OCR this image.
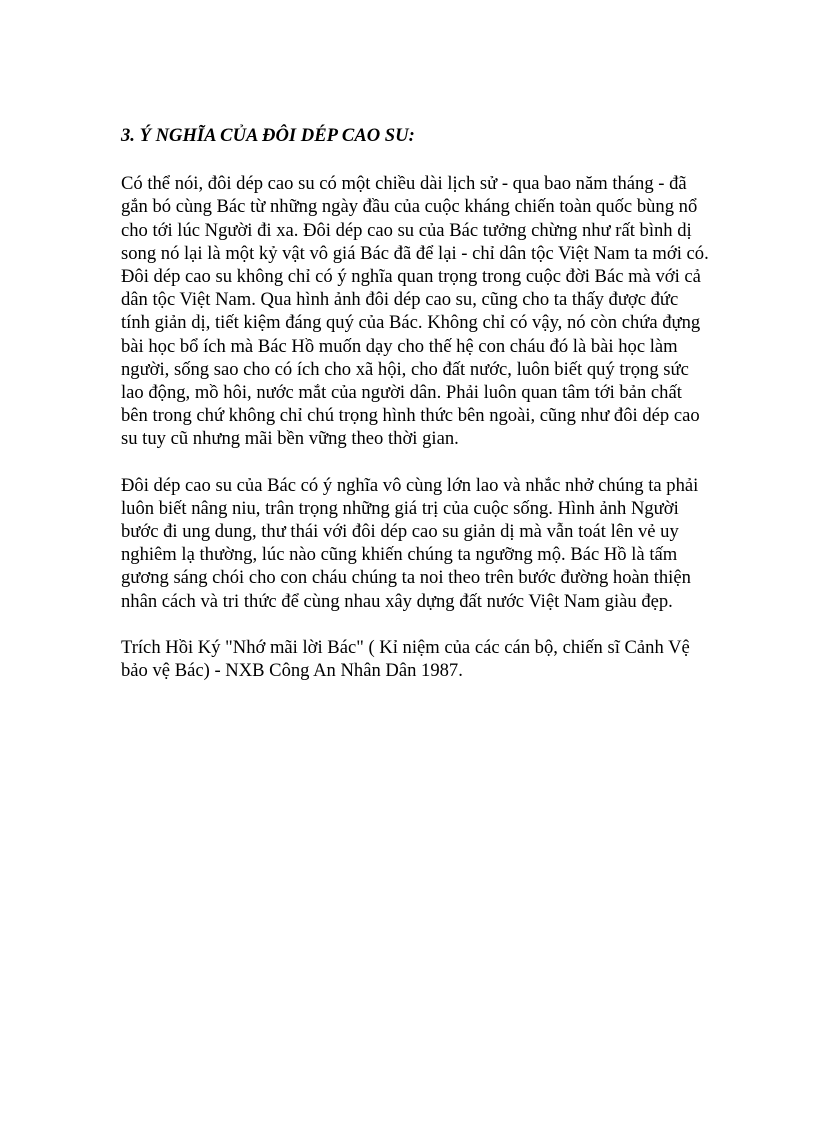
3. Ý NGHĨA CỦA ĐÔI DÉP CAO SU:

Có thể nói, đôi dép cao su có một chiều dài lịch sử - qua bao năm tháng - đã gắn bó cùng Bác từ những ngày đầu của cuộc kháng chiến toàn quốc bùng nổ cho tới lúc Người đi xa. Đôi dép cao su của Bác tưởng chừng như rất bình dị song nó lại là một kỷ vật vô giá Bác đã để lại - chỉ dân tộc Việt Nam ta mới có. Đôi dép cao su không chỉ có ý nghĩa quan trọng trong cuộc đời Bác mà với cả dân tộc Việt Nam. Qua hình ảnh đôi dép cao su, cũng cho ta thấy được đức tính giản dị, tiết kiệm đáng quý của Bác. Không chỉ có vậy, nó còn chứa đựng bài học bổ ích mà Bác Hồ muốn dạy cho thế hệ con cháu đó là bài học làm người, sống sao cho có ích cho xã hội, cho đất nước, luôn biết quý trọng sức lao động, mồ hôi, nước mắt của người dân. Phải luôn quan tâm tới bản chất bên trong chứ không chỉ chú trọng hình thức bên ngoài, cũng như đôi dép cao su tuy cũ nhưng mãi bền vững theo thời gian.

Đôi dép cao su của Bác có ý nghĩa vô cùng lớn lao và nhắc nhở chúng ta phải luôn biết nâng niu, trân trọng những giá trị của cuộc sống. Hình ảnh Người bước đi ung dung, thư thái với đôi dép cao su giản dị mà vẫn toát lên vẻ uy nghiêm lạ thường, lúc nào cũng khiến chúng ta ngưỡng mộ. Bác Hồ là tấm gương sáng chói cho con cháu chúng ta noi theo trên bước đường hoàn thiện nhân cách và tri thức để cùng nhau xây dựng đất nước Việt Nam giàu đẹp.

Trích Hồi Ký "Nhớ mãi lời Bác" ( Kỉ niệm của các cán bộ, chiến sĩ Cảnh Vệ bảo vệ Bác) - NXB Công An Nhân Dân 1987.
